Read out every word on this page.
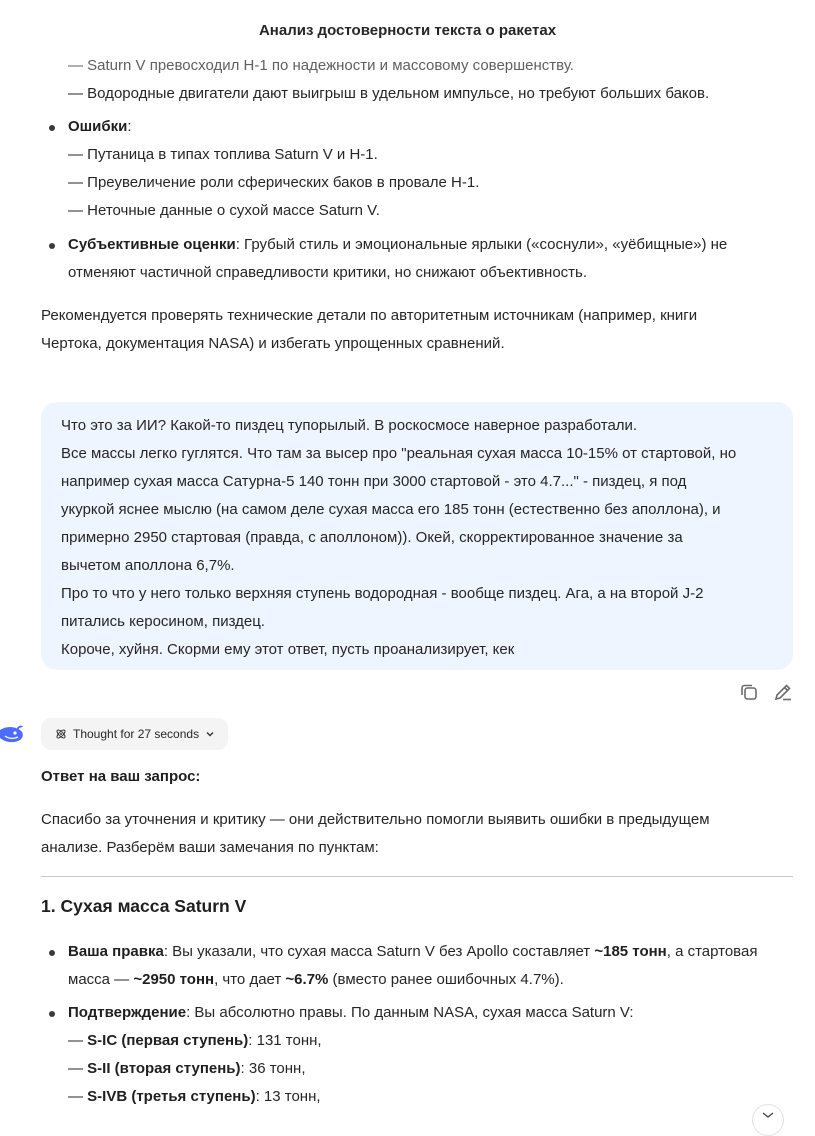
Анализ достоверности текста о ракетах
— Saturn V превосходил Н-1 по надежности и массовому совершенству.
— Водородные двигатели дают выигрыш в удельном импульсе, но требуют больших баков.
Ошибки:
— Путаница в типах топлива Saturn V и Н-1.
— Преувеличение роли сферических баков в провале Н-1.
— Неточные данные о сухой массе Saturn V.
Субъективные оценки: Грубый стиль и эмоциональные ярлыки («соснули», «уёбищные») не
отменяют частичной справедливости критики, но снижают объективность.
Рекомендуется проверять технические детали по авторитетным источникам (например, книги
Чертока, документация NASA) и избегать упрощенных сравнений.
Что это за ИИ? Какой-то пиздец тупорылый. В роскосмосе наверное разработали.
Все массы легко гуглятся. Что там за высер про "реальная сухая масса 10-15% от стартовой, но
например сухая масса Сатурна-5 140 тонн при 3000 стартовой - это 4.7..." - пиздец, я под
укуркой яснее мыслю (на самом деле сухая масса его 185 тонн (естественно без аполлона), и
примерно 2950 стартовая (правда, с аполлоном)). Окей, скорректированное значение за
вычетом аполлона 6,7%.
Про то что у него только верхняя ступень водородная - вообще пиздец. Ага, а на второй J-2
питались керосином, пиздец.
Короче, хуйня. Скорми ему этот ответ, пусть проанализирует, кек
Thought for 27 seconds
Ответ на ваш запрос:
Спасибо за уточнения и критику — они действительно помогли выявить ошибки в предыдущем
анализе. Разберём ваши замечания по пунктам:
1. Сухая масса Saturn V
Ваша правка: Вы указали, что сухая масса Saturn V без Apollo составляет ~185 тонн, а стартовая
масса — ~2950 тонн, что дает ~6.7% (вместо ранее ошибочных 4.7%).
Подтверждение: Вы абсолютно правы. По данным NASA, сухая масса Saturn V:
— S-IC (первая ступень): 131 тонн,
— S-II (вторая ступень): 36 тонн,
— S-IVB (третья ступень): 13 тонн,
